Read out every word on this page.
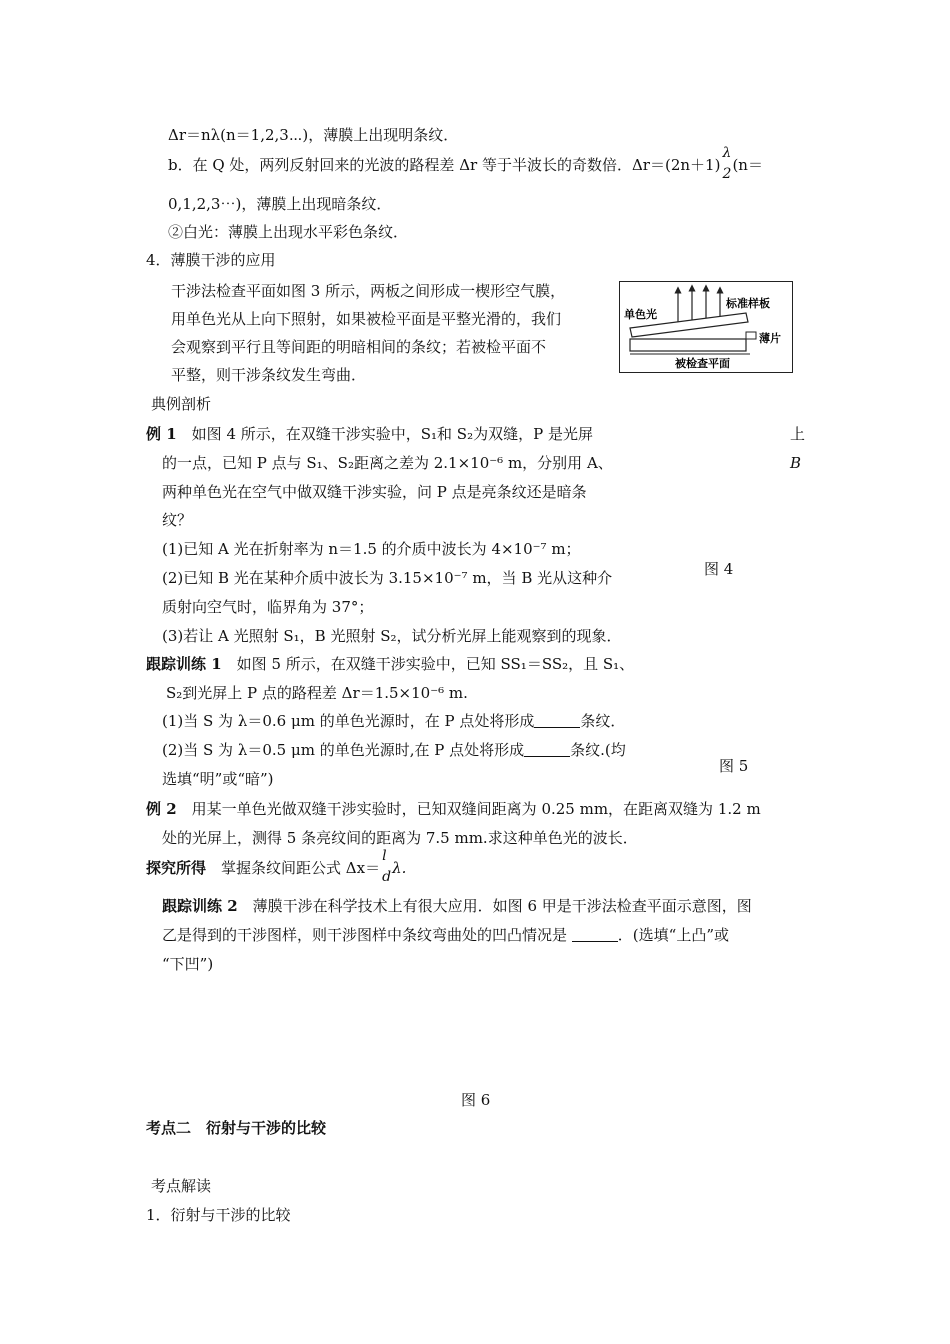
Δr＝nλ(n＝1,2,3⋯)，薄膜上出现明条纹．
b．在 Q 处，两列反射回来的光波的路程差 Δr 等于半波长的奇数倍．Δr＝(2n＋1)
λ
2 (n＝
0,1,2,3⋯)，薄膜上出现暗条纹．
②白光：薄膜上出现水平彩色条纹．
4．薄膜干涉的应用
干涉法检查平面如图 3 所示，两板之间形成一楔形空气膜，
用单色光从上向下照射，如果被检平面是平整光滑的，我们
会观察到平行且等间距的明暗相间的条纹；若被检平面不
平整，则干涉条纹发生弯曲．
单色光
标准样板
薄片
被检查平面
典例剖析
例 1　如图 4 所示，在双缝干涉实验中，S₁和 S₂为双缝，P 是光屏	上
的一点，已知 P 点与 S₁、S₂距离之差为 2.1×10⁻⁶ m，分别用 A、	B
两种单色光在空气中做双缝干涉实验，问 P 点是亮条纹还是暗条
纹？
(1)已知 A 光在折射率为 n＝1.5 的介质中波长为 4×10⁻⁷ m；
(2)已知 B 光在某种介质中波长为 3.15×10⁻⁷ m，当 B 光从这种介	图 4
质射向空气时，临界角为 37°；
(3)若让 A 光照射 S₁，B 光照射 S₂，试分析光屏上能观察到的现象．
跟踪训练 1　如图 5 所示，在双缝干涉实验中，已知 SS₁＝SS₂，且 S₁、
S₂到光屏上 P 点的路程差 Δr＝1.5×10⁻⁶ m.
(1)当 S 为 λ＝0.6 μm 的单色光源时，在 P 点处将形成	条纹．
(2)当 S 为 λ＝0.5 μm 的单色光源时,在 P 点处将形成	条纹.(均
图 5
选填“明”或“暗”)
例 2　用某一单色光做双缝干涉实验时，已知双缝间距离为 0.25 mm，在距离双缝为 1.2 m
处的光屏上，测得 5 条亮纹间的距离为 7.5 mm.求这种单色光的波长．
探究所得　掌握条纹间距公式 Δx＝
l
d λ.
跟踪训练 2　薄膜干涉在科学技术上有很大应用．如图 6 甲是干涉法检查平面示意图，图
乙是得到的干涉图样，则干涉图样中条纹弯曲处的凹凸情况是	．(选填“上凸”或
“下凹”)
图 6
考点二　衍射与干涉的比较
考点解读
1．衍射与干涉的比较
